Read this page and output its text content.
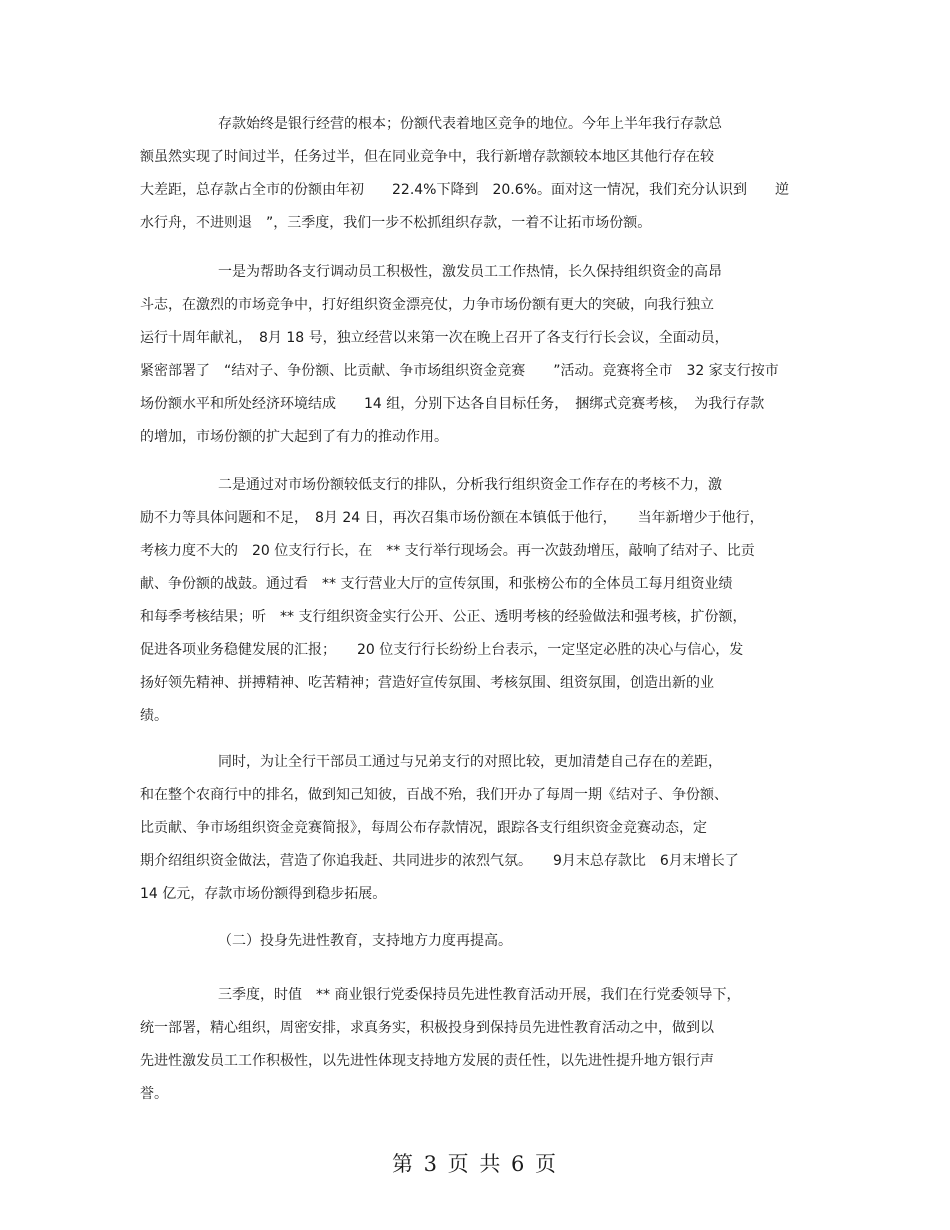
存款始终是银行经营的根本；份额代表着地区竞争的地位。今年上半年我行存款总
额虽然实现了时间过半，任务过半，但在同业竞争中，我行新增存款额较本地区其他行存在较
大差距，总存款占全市的份额由年初　　22.4%下降到　20.6%。面对这一情况，我们充分认识到　　逆
水行舟，不进则退　”，三季度，我们一步不松抓组织存款，一着不让拓市场份额。
一是为帮助各支行调动员工积极性，激发员工工作热情，长久保持组织资金的高昂
斗志，在激烈的市场竞争中，打好组织资金漂亮仗，力争市场份额有更大的突破，向我行独立
运行十周年献礼，　8月 18 号，独立经营以来第一次在晚上召开了各支行行长会议，全面动员，
紧密部署了　“结对子、争份额、比贡献、争市场组织资金竞赛　　”活动。竞赛将全市　32 家支行按市
场份额水平和所处经济环境结成　　14 组，分别下达各自目标任务，　捆绑式竞赛考核，　为我行存款
的增加，市场份额的扩大起到了有力的推动作用。
二是通过对市场份额较低支行的排队，分析我行组织资金工作存在的考核不力，激
励不力等具体问题和不足，　8月 24 日，再次召集市场份额在本镇低于他行，　　当年新增少于他行，
考核力度不大的　20 位支行行长，在　** 支行举行现场会。再一次鼓劲增压，敲响了结对子、比贡
献、争份额的战鼓。通过看　** 支行营业大厅的宣传氛围，和张榜公布的全体员工每月组资业绩
和每季考核结果；听　** 支行组织资金实行公开、公正、透明考核的经验做法和强考核，扩份额，
促进各项业务稳健发展的汇报；　　20 位支行行长纷纷上台表示，一定坚定必胜的决心与信心，发
扬好领先精神、拼搏精神、吃苦精神；营造好宣传氛围、考核氛围、组资氛围，创造出新的业
绩。
同时，为让全行干部员工通过与兄弟支行的对照比较，更加清楚自己存在的差距，
和在整个农商行中的排名，做到知己知彼，百战不殆，我们开办了每周一期《结对子、争份额、
比贡献、争市场组织资金竞赛简报》，每周公布存款情况，跟踪各支行组织资金竞赛动态，定
期介绍组织资金做法，营造了你追我赶、共同进步的浓烈气氛。　　9月末总存款比　6月末增长了
14 亿元，存款市场份额得到稳步拓展。
（二）投身先进性教育，支持地方力度再提高。
三季度，时值　** 商业银行党委保持员先进性教育活动开展，我们在行党委领导下，
统一部署，精心组织，周密安排，求真务实，积极投身到保持员先进性教育活动之中，做到以
先进性激发员工工作积极性，以先进性体现支持地方发展的责任性，以先进性提升地方银行声
誉。
第 3 页 共 6 页
